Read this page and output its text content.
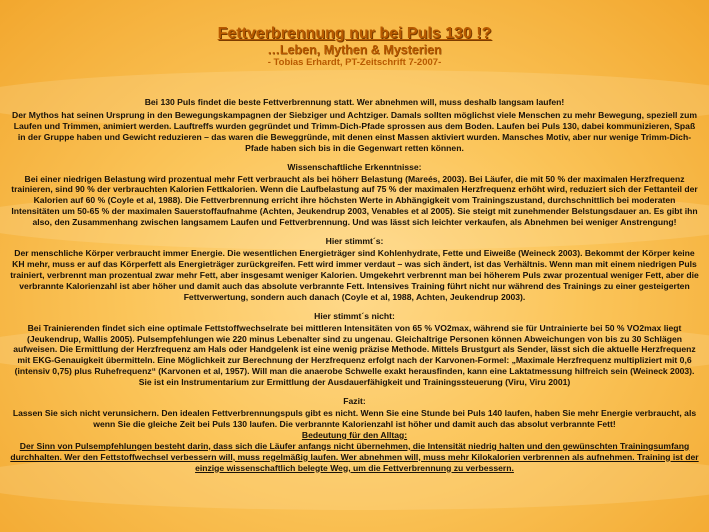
Fettverbrennung nur bei Puls 130 !?

…Leben, Mythen & Mysterien

- Tobias Erhardt, PT-Zeitschrift 7-2007-

Bei 130 Puls findet die beste Fettverbrennung statt. Wer abnehmen will, muss deshalb langsam laufen!

Der Mythos hat seinen Ursprung in den Bewegungskampagnen der Siebziger und Achtziger. Damals sollten möglichst viele Menschen zu mehr Bewegung, speziell zum Laufen und Trimmen, animiert werden. Lauftreffs wurden gegründet und Trimm-Dich-Pfade sprossen aus dem Boden. Laufen bei Puls 130, dabei kommunizieren, Spaß in der Gruppe haben und Gewicht reduzieren – das waren die Beweggründe, mit denen einst Massen aktiviert wurden. Mansches Motiv, aber nur wenige Trimm-Dich-Pfade haben sich bis in die Gegenwart retten können.

Wissenschaftliche Erkenntnisse:

Bei einer niedrigen Belastung wird prozentual mehr Fett verbraucht als bei höherr Belastung (Mareés, 2003). Bei Läufer, die mit 50 % der maximalen Herzfrequenz trainieren, sind 90 % der verbrauchten Kalorien Fettkalorien. Wenn die Laufbelastung auf 75 % der maximalen Herzfrequenz erhöht wird, reduziert sich der Fettanteil der Kalorien auf 60 % (Coyle et al, 1988). Die Fettverbrennung erricht ihre höchsten Werte in Abhängigkeit vom Trainingszustand, durchschnittlich bei moderaten Intensitäten um 50-65 % der maximalen Sauerstoffaufnahme (Achten, Jeukendrup 2003, Venables et al 2005). Sie steigt mit zunehmender Belstungsdauer an. Es gibt ihn also, den Zusammenhang zwischen langsamem Laufen und Fettverbrennung. Und was lässt sich leichter verkaufen, als Abnehmen bei weniger Anstrengung!

Hier stimmt´s:

Der menschliche Körper verbraucht immer Energie. Die wesentlichen Energieträger sind Kohlenhydrate, Fette und Eiweiße (Weineck 2003). Bekommt der Körper keine KH mehr, muss er auf das Körperfett als Energieträger zurückgreifen. Fett wird immer verdaut – was sich ändert, ist das Verhältnis. Wenn man mit einem niedrigen Puls trainiert, verbrennt man prozentual zwar mehr Fett, aber insgesamt weniger Kalorien. Umgekehrt verbrennt man bei höherem Puls zwar prozentual weniger Fett, aber die verbrannte Kalorienzahl ist aber höher und damit auch das absolute verbrannte Fett. Intensives Training führt nicht nur während des Trainings zu einer gesteigerten Fettverwertung, sondern auch danach (Coyle et al, 1988, Achten, Jeukendrup 2003).

Hier stimmt´s nicht:

Bei Trainierenden findet sich eine optimale Fettstoffwechselrate bei mittleren Intensitäten von 65 % VO2max, während sie für Untrainierte bei 50 % VO2max liegt (Jeukendrup, Wallis 2005). Pulsempfehlungen wie 220 minus Lebenalter sind zu ungenau. Gleichaltrige Personen können Abweichungen von bis zu 30 Schlägen aufweisen. Die Ermittlung der Herzfrequenz am Hals oder Handgelenk ist eine wenig präzise Methode. Mittels Brustgurt als Sender, lässt sich die aktuelle Herzfrequenz mit EKG-Genauigkeit übermitteln. Eine Möglichkeit zur Berechnung der Herzfrequenz erfolgt nach der Karvonen-Formel: „Maximale Herzfrequenz multipliziert mit 0,6 (intensiv 0,75) plus Ruhefrequenz“ (Karvonen et al, 1957). Will man die anaerobe Schwelle exakt herausfinden, kann eine Laktatmessung hilfreich sein (Weineck 2003). Sie ist ein Instrumentarium zur Ermittlung der Ausdauerfähigkeit und Trainingssteuerung (Viru, Viru 2001)

Fazit:

Lassen Sie sich nicht verunsichern. Den idealen Fettverbrennungspuls gibt es nicht. Wenn Sie eine Stunde bei Puls 140 laufen, haben Sie mehr Energie verbraucht, als wenn Sie die gleiche Zeit bei Puls 130 laufen. Die verbrannte Kalorienzahl ist höher und damit auch das absolut verbrannte Fett!

Bedeutung für den Alltag:

Der Sinn von Pulsempfehlungen besteht darin, dass sich die Läufer anfangs nicht übernehmen, die Intensität niedrig halten und den gewünschten Trainingsumfang durchhalten. Wer den Fettstoffwechsel verbessern will, muss regelmäßig laufen. Wer abnehmen will, muss mehr Kilokalorien verbrennen als aufnehmen. Training ist der einzige wissenschaftlich belegte Weg, um die Fettverbrennung zu verbessern.
